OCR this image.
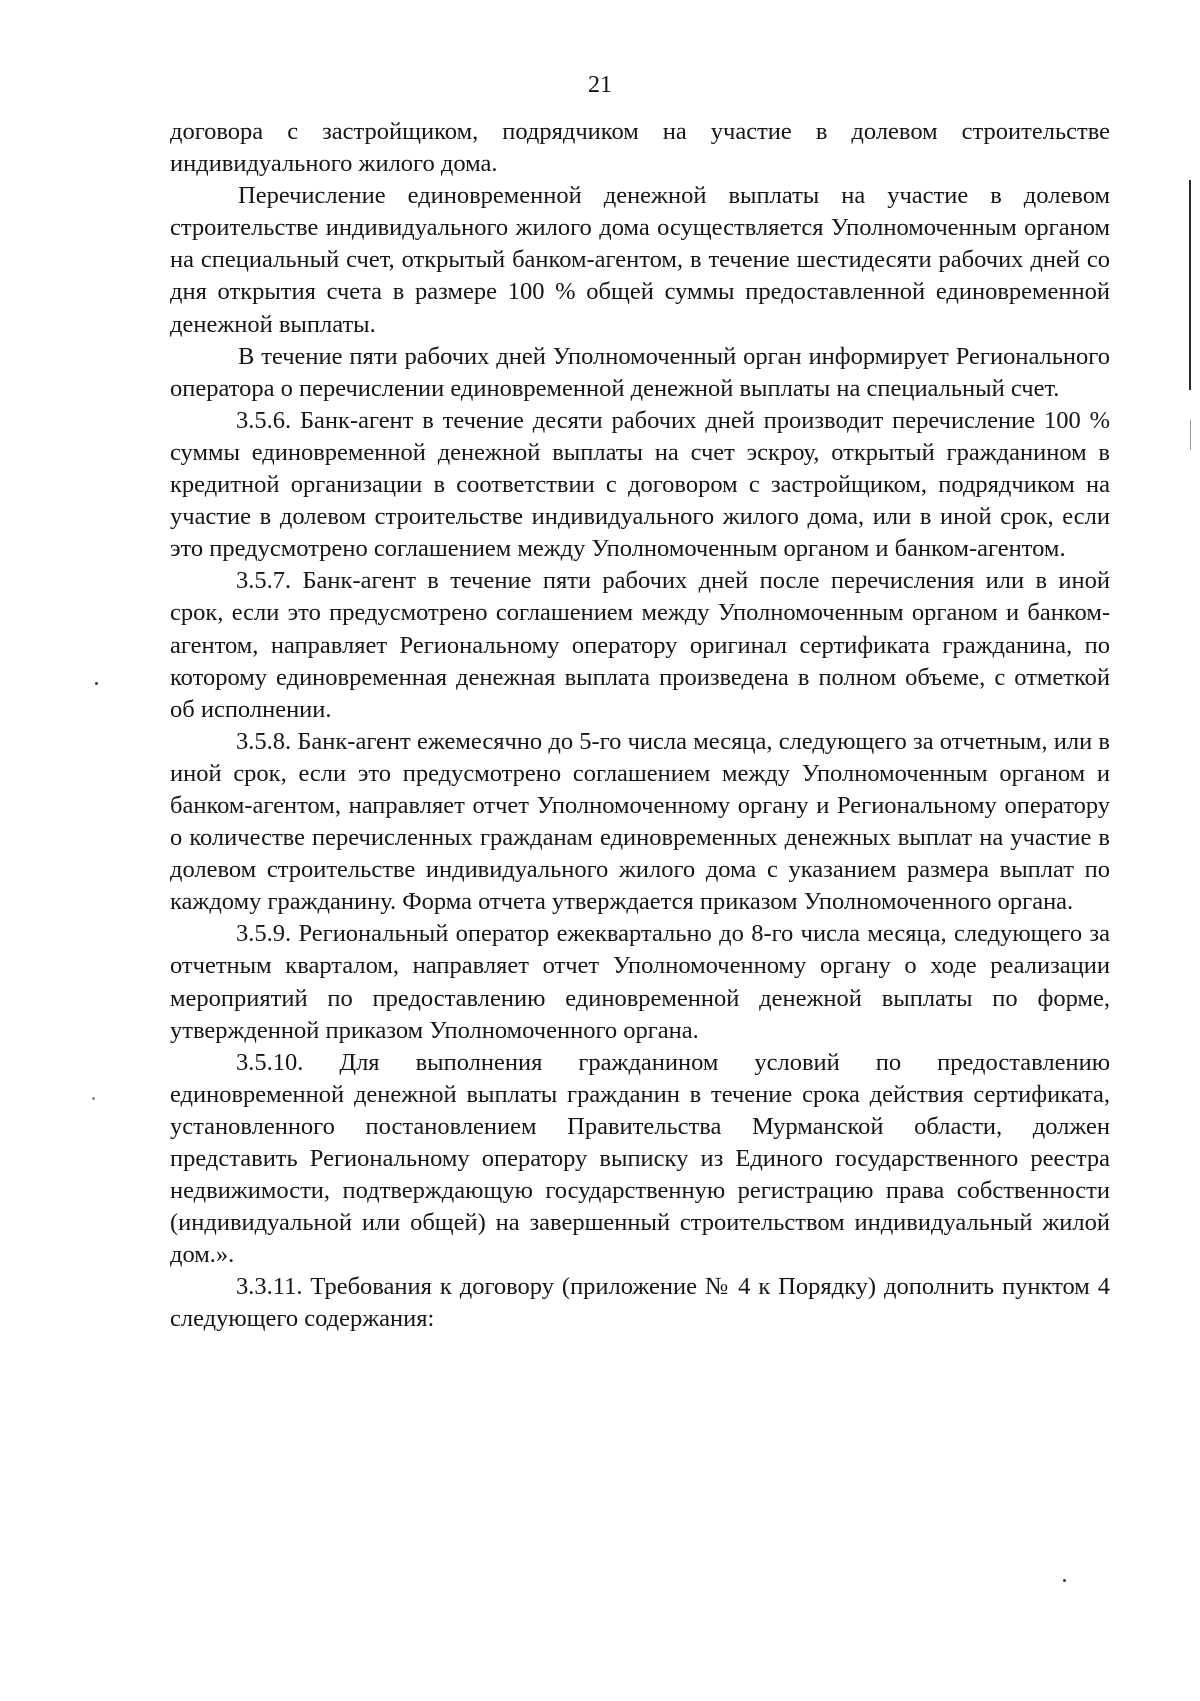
21

договора с застройщиком, подрядчиком на участие в долевом строительстве индивидуального жилого дома.

Перечисление единовременной денежной выплаты на участие в долевом строительстве индивидуального жилого дома осуществляется Уполномоченным органом на специальный счет, открытый банком-агентом, в течение шестидесяти рабочих дней со дня открытия счета в размере 100 % общей суммы предоставленной единовременной денежной выплаты.

В течение пяти рабочих дней Уполномоченный орган информирует Регионального оператора о перечислении единовременной денежной выплаты на специальный счет.

3.5.6. Банк-агент в течение десяти рабочих дней производит перечисление 100 % суммы единовременной денежной выплаты на счет эскроу, открытый гражданином в кредитной организации в соответствии с договором с застройщиком, подрядчиком на участие в долевом строительстве индивидуального жилого дома, или в иной срок, если это предусмотрено соглашением между Уполномоченным органом и банком-агентом.

3.5.7. Банк-агент в течение пяти рабочих дней после перечисления или в иной срок, если это предусмотрено соглашением между Уполномоченным органом и банком-агентом, направляет Региональному оператору оригинал сертификата гражданина, по которому единовременная денежная выплата произведена в полном объеме, с отметкой об исполнении.

3.5.8. Банк-агент ежемесячно до 5-го числа месяца, следующего за отчетным, или в иной срок, если это предусмотрено соглашением между Уполномоченным органом и банком-агентом, направляет отчет Уполномоченному органу и Региональному оператору о количестве перечисленных гражданам единовременных денежных выплат на участие в долевом строительстве индивидуального жилого дома с указанием размера выплат по каждому гражданину. Форма отчета утверждается приказом Уполномоченного органа.

3.5.9. Региональный оператор ежеквартально до 8-го числа месяца, следующего за отчетным кварталом, направляет отчет Уполномоченному органу о ходе реализации мероприятий по предоставлению единовременной денежной выплаты по форме, утвержденной приказом Уполномоченного органа.

3.5.10. Для выполнения гражданином условий по предоставлению единовременной денежной выплаты гражданин в течение срока действия сертификата, установленного постановлением Правительства Мурманской области, должен представить Региональному оператору выписку из Единого государственного реестра недвижимости, подтверждающую государственную регистрацию права собственности (индивидуальной или общей) на завершенный строительством индивидуальный жилой дом.».

3.3.11. Требования к договору (приложение № 4 к Порядку) дополнить пунктом 4 следующего содержания:
